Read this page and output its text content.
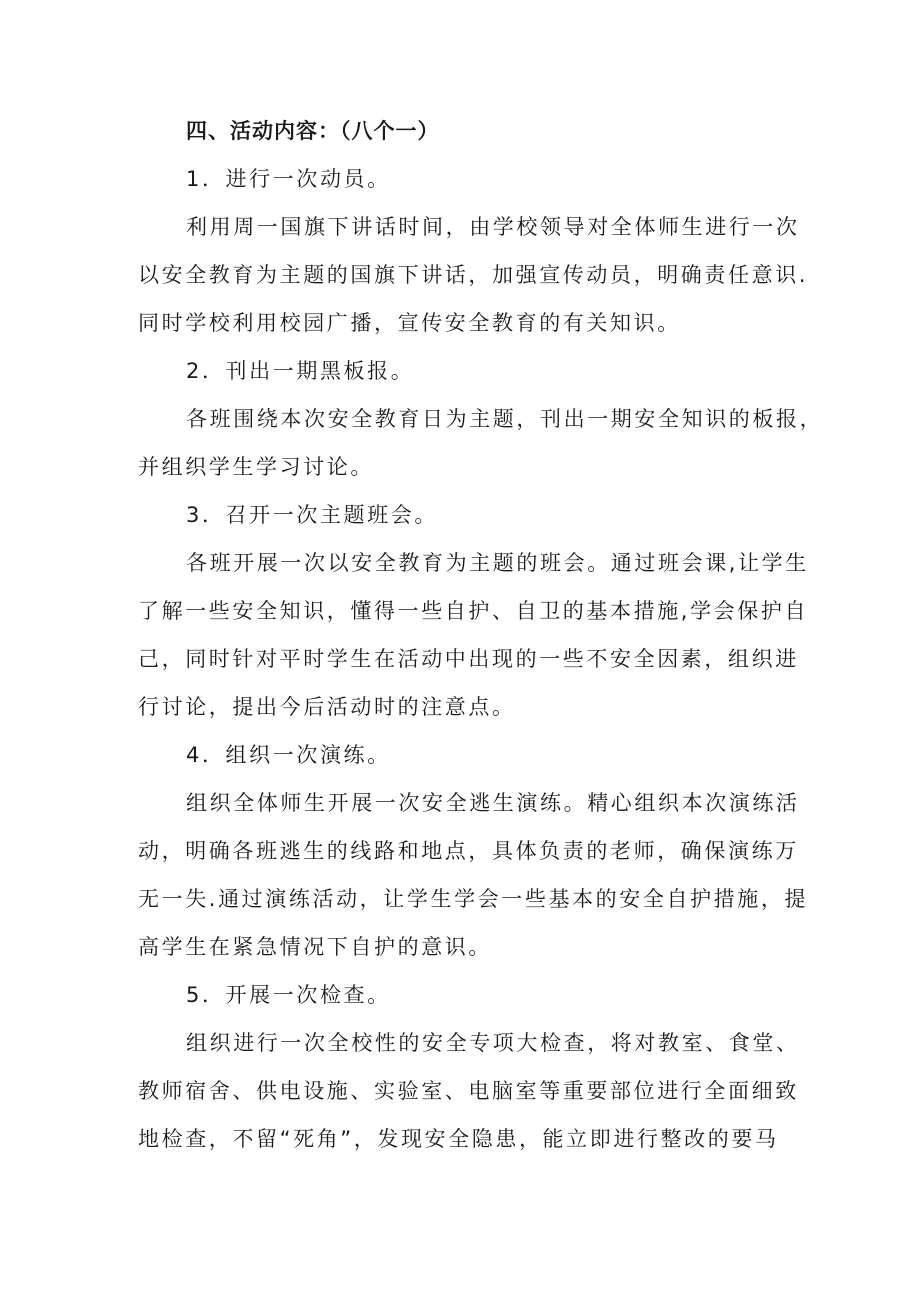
四、活动内容：（八个一）
1．进行一次动员。
利用周一国旗下讲话时间，由学校领导对全体师生进行一次
以安全教育为主题的国旗下讲话，加强宣传动员，明确责任意识.
同时学校利用校园广播，宣传安全教育的有关知识。
2．刊出一期黑板报。
各班围绕本次安全教育日为主题，刊出一期安全知识的板报，
并组织学生学习讨论。
3．召开一次主题班会。
各班开展一次以安全教育为主题的班会。通过班会课,让学生
了解一些安全知识，懂得一些自护、自卫的基本措施,学会保护自
己，同时针对平时学生在活动中出现的一些不安全因素，组织进
行讨论，提出今后活动时的注意点。
4．组织一次演练。
组织全体师生开展一次安全逃生演练。精心组织本次演练活
动，明确各班逃生的线路和地点，具体负责的老师，确保演练万
无一失.通过演练活动，让学生学会一些基本的安全自护措施，提
高学生在紧急情况下自护的意识。
5．开展一次检查。
组织进行一次全校性的安全专项大检查，将对教室、食堂、
教师宿舍、供电设施、实验室、电脑室等重要部位进行全面细致
地检查，不留“死角”，发现安全隐患，能立即进行整改的要马
